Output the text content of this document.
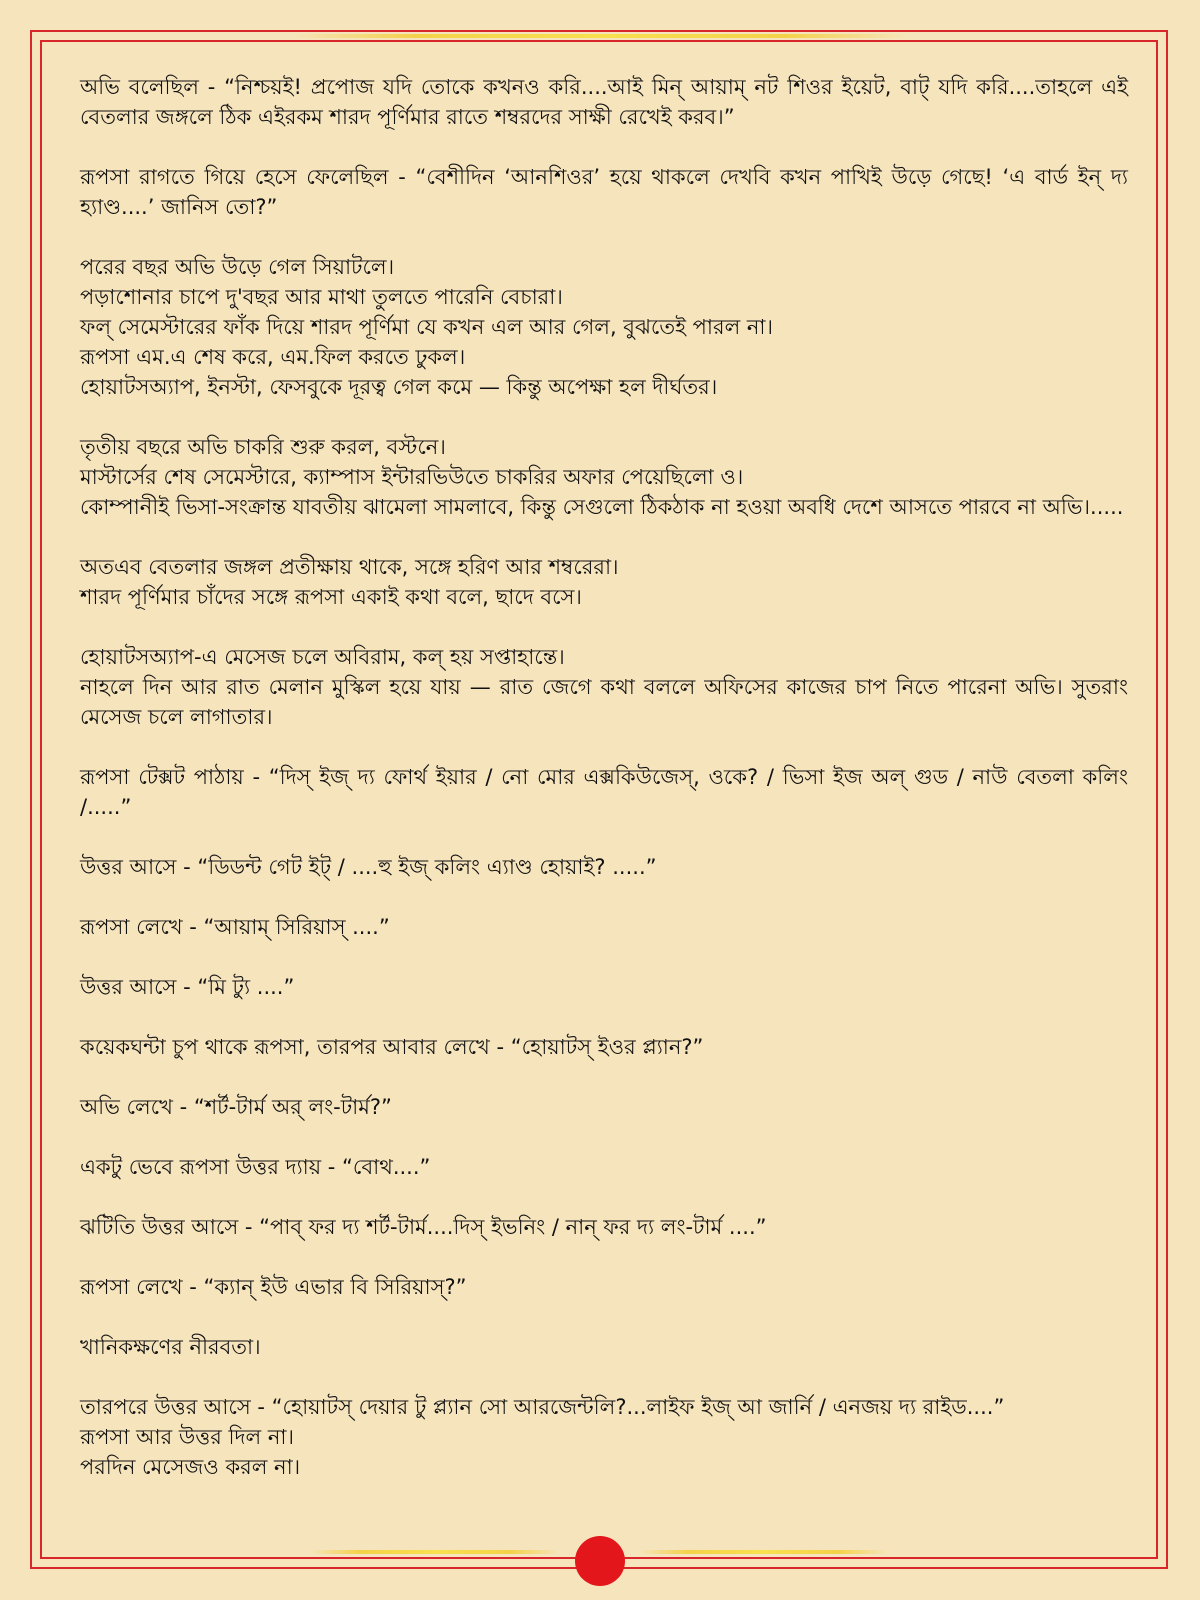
অভি বলেছিল - “নিশ্চয়ই! প্রপোজ যদি তোকে কখনও করি....আই মিন্ আয়াম্ নট শিওর ইয়েট, বাট্ যদি করি....তাহলে এই বেতলার জঙ্গলে ঠিক এইরকম শারদ পূর্ণিমার রাতে শম্বরদের সাক্ষী রেখেই করব।”
রূপসা রাগতে গিয়ে হেসে ফেলেছিল - “বেশীদিন ‘আনশিওর’ হয়ে থাকলে দেখবি কখন পাখিই উড়ে গেছে! ‘এ বার্ড ইন্ দ্য হ্যাণ্ড....’ জানিস তো?”
পরের বছর অভি উড়ে গেল সিয়াটলে।
পড়াশোনার চাপে দু'বছর আর মাথা তুলতে পারেনি বেচারা।
ফল্ সেমেস্টারের ফাঁক দিয়ে শারদ পূর্ণিমা যে কখন এল আর গেল, বুঝতেই পারল না।
রূপসা এম.এ শেষ করে, এম.ফিল করতে ঢুকল।
হোয়াটসঅ্যাপ, ইনস্টা, ফেসবুকে দূরত্ব গেল কমে — কিন্তু অপেক্ষা হল দীর্ঘতর।
তৃতীয় বছরে অভি চাকরি শুরু করল, বস্টনে।
মাস্টার্সের শেষ সেমেস্টারে, ক্যাম্পাস ইন্টারভিউতে চাকরির অফার পেয়েছিলো ও।
কোম্পানীই ভিসা-সংক্রান্ত যাবতীয় ঝামেলা সামলাবে, কিন্তু সেগুলো ঠিকঠাক না হওয়া অবধি দেশে আসতে পারবে না অভি।.....
অতএব বেতলার জঙ্গল প্রতীক্ষায় থাকে, সঙ্গে হরিণ আর শম্বরেরা।
শারদ পূর্ণিমার চাঁদের সঙ্গে রূপসা একাই কথা বলে, ছাদে বসে।
হোয়াটসঅ্যাপ-এ মেসেজ চলে অবিরাম, কল্ হয় সপ্তাহান্তে।
নাহলে দিন আর রাত মেলান মুস্কিল হয়ে যায় — রাত জেগে কথা বললে অফিসের কাজের চাপ নিতে পারেনা অভি। সুতরাং মেসেজ চলে লাগাতার।
রূপসা টেক্সট পাঠায় - “দিস্ ইজ্ দ্য ফোর্থ ইয়ার / নো মোর এক্সকিউজেস্, ওকে? / ভিসা ইজ অল্ গুড / নাউ বেতলা কলিং /.....”
উত্তর আসে - “ডিডন্ট গেট ইট্ / ....হু ইজ্ কলিং এ্যাণ্ড হোয়াই? .....”
রূপসা লেখে - “আয়াম্ সিরিয়াস্ ....”
উত্তর আসে - “মি ট্যু ....”
কয়েকঘন্টা চুপ থাকে রূপসা, তারপর আবার লেখে - “হোয়াটস্ ইওর প্ল্যান?”
অভি লেখে - “শর্ট-টার্ম অর্ লং-টার্ম?”
একটু ভেবে রূপসা উত্তর দ্যায় - “বোথ....”
ঝটিতি উত্তর আসে - “পাব্ ফর দ্য শর্ট-টার্ম....দিস্ ইভনিং / নান্ ফর দ্য লং-টার্ম ....”
রূপসা লেখে - “ক্যান্ ইউ এভার বি সিরিয়াস্?”
খানিকক্ষণের নীরবতা।
তারপরে উত্তর আসে - “হোয়াটস্ দেয়ার টু প্ল্যান সো আরজেন্টলি?...লাইফ ইজ্ আ জার্নি / এনজয় দ্য রাইড....”
রূপসা আর উত্তর দিল না।
পরদিন মেসেজও করল না।
